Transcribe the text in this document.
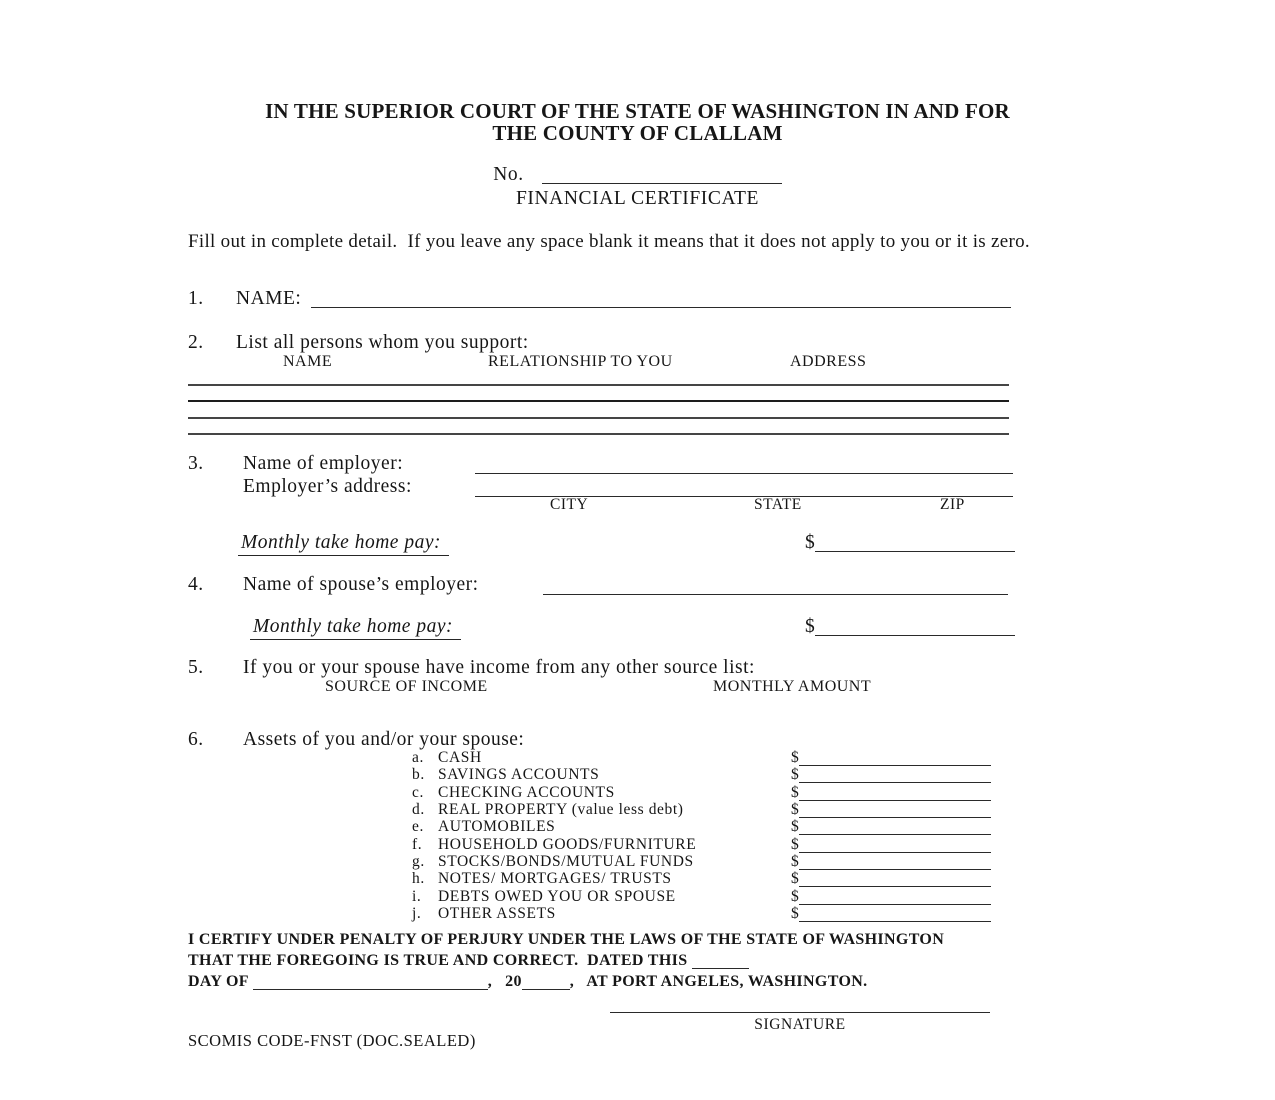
IN THE SUPERIOR COURT OF THE STATE OF WASHINGTON IN AND FOR
THE COUNTY OF CLALLAM
No.
FINANCIAL CERTIFICATE
Fill out in complete detail.  If you leave any space blank it means that it does not apply to you or it is zero.
1. NAME:
2. List all persons whom you support:
NAME	RELATIONSHIP TO YOU	ADDRESS

3.

Name of employer:

Employer’s address:

CITY	STATE	ZIP
Monthly take home pay:	$

4.

Name of spouse’s employer:

Monthly take home pay:	$

5.

If you or your spouse have income from any other source list:

SOURCE OF INCOME	MONTHLY AMOUNT

6.

Assets of you and/or your spouse:

a. CASH	$
b. SAVINGS ACCOUNTS	$
c. CHECKING ACCOUNTS	$
d. REAL PROPERTY (value less debt)	$
e. AUTOMOBILES	$
f.	HOUSEHOLD GOODS/FURNITURE	$
g. STOCKS/BONDS/MUTUAL FUNDS	$
h. NOTES/ MORTGAGES/ TRUSTS	$
i.	DEBTS OWED YOU OR SPOUSE	$
j.	OTHER ASSETS	$
I CERTIFY UNDER PENALTY OF PERJURY UNDER THE LAWS OF THE STATE OF WASHINGTON
THAT THE FOREGOING IS TRUE AND CORRECT.  DATED THIS
DAY OF	,   20	,   AT PORT ANGELES, WASHINGTON.
SIGNATURE
SCOMIS CODE-FNST (DOC.SEALED)
